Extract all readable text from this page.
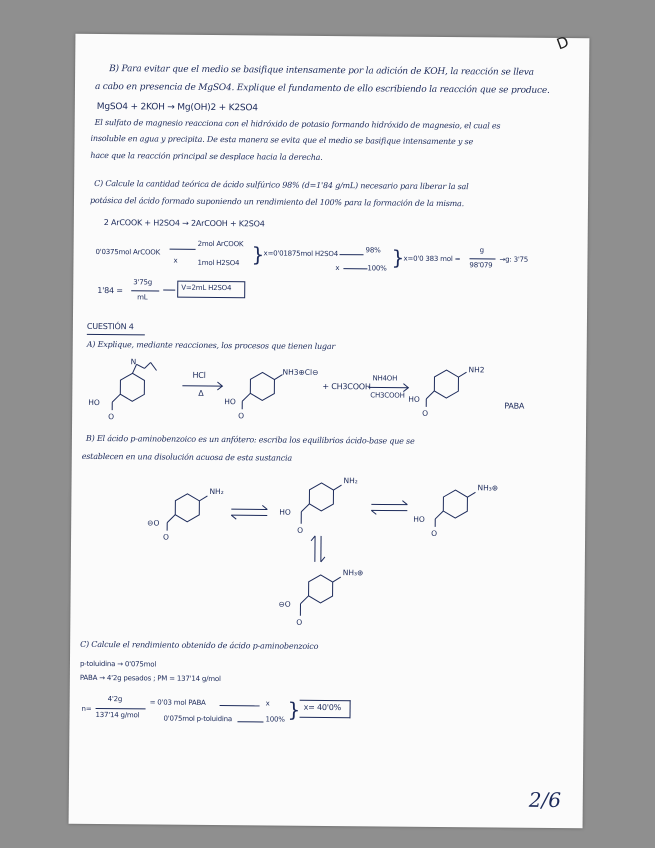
B) Para evitar que el medio se basifique intensamente por la adición de KOH, la reacción se lleva
a cabo en presencia de MgSO4. Explique el fundamento de ello escribiendo la reacción que se produce.
MgSO4 + 2KOH → Mg(OH)2 + K2SO4
El sulfato de magnesio reacciona con el hidróxido de potasio formando hidróxido de magnesio, el cual es
insoluble en agua y precipita. De esta manera se evita que el medio se basifique intensamente y se
hace que la reacción principal se desplace hacia la derecha.
C) Calcule la cantidad teórica de ácido sulfúrico 98% (d=1'84 g/mL) necesario para liberar la sal
potásica del ácido formado suponiendo un rendimiento del 100% para la formación de la misma.
2 ArCOOK + H2SO4 → 2ArCOOH + K2SO4
0'0375mol ArCOOK
2mol ArCOOK
x	1mol H2SO4 } x=0'01875mol H2SO4	98%
x	100% } x=0'0 383 mol =
g
98'079
→g: 3'75
1'84 =
3'75g
mL
V=2mL H2SO4
CUESTIÓN 4
A) Explique, mediante reacciones, los procesos que tienen lugar
N
HO
O
HCl
Δ
NH3⊕Cl⊖
HO
O
+ CH3COOH
NH4OH
CH3COOH
NH2
HO
O
PABA
B) El ácido p-aminobenzoico es un anfótero: escriba los equilibrios ácido-base que se
establecen en una disolución acuosa de esta sustancia
NH₂
⊖O
O
NH₂
HO
O
NH₃⊕
HO
O
NH₃⊕
⊖O
O
C) Calcule el rendimiento obtenido de ácido p-aminobenzoico
p-toluidina → 0'075mol
PABA → 4'2g pesados ; PM = 137'14 g/mol
n=
4'2g
137'14 g/mol
= 0'03 mol PABA	x
0'075mol p-toluidina	100% } x= 40'0%
2/6
D
